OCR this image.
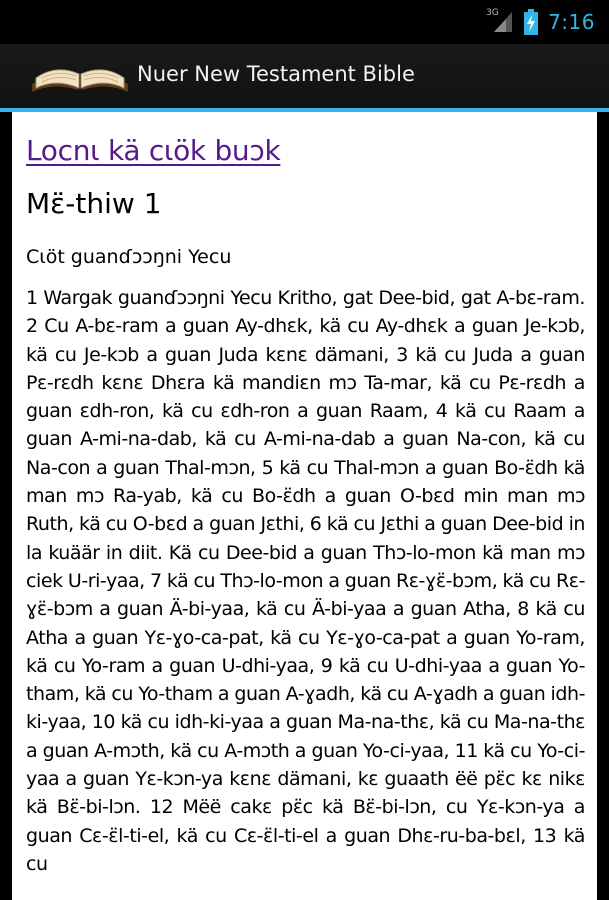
3G 7:16
Nuer New Testament Bible
Locnɩ kä cɩök buɔk
Mɛ̈-thiw 1
Cɩöt guanɗɔɔŋni Yecu

1 Wargak guanɗɔɔŋni Yecu Kritho, gat Dee-bid, gat A-bɛ-ram. 2 Cu A-bɛ-ram a guan Ay-dhɛk, kä cu Ay-dhɛk a guan Je-kɔb, kä cu Je-kɔb a guan Juda kɛnɛ dämani, 3 kä cu Juda a guan Pɛ-rɛdh kɛnɛ Dhɛra kä mandiɛn mɔ Ta-mar, kä cu Pɛ-rɛdh a guan ɛdh-ron, kä cu ɛdh-ron a guan Raam, 4 kä cu Raam a guan A-mi-na-dab, kä cu A-mi-na-dab a guan Na-con, kä cu Na-con a guan Thal-mɔn, 5 kä cu Thal-mɔn a guan Bo-ɛ̈dh kä man mɔ Ra-yab, kä cu Bo-ɛ̈dh a guan O-bɛd min man mɔ Ruth, kä cu O-bɛd a guan Jɛthi, 6 kä cu Jɛthi a guan Dee-bid in la kuäär in diit. Kä cu Dee-bid a guan Thɔ-lo-mon kä man mɔ ciek U-ri-yaa, 7 kä cu Thɔ-lo-mon a guan Rɛ-ɣɛ̈-bɔm, kä cu Rɛ-ɣɛ̈-bɔm a guan Ä-bi-yaa, kä cu Ä-bi-yaa a guan Atha, 8 kä cu Atha a guan Yɛ-ɣo-ca-pat, kä cu Yɛ-ɣo-ca-pat a guan Yo-ram, kä cu Yo-ram a guan U-dhi-yaa, 9 kä cu U-dhi-yaa a guan Yo-tham, kä cu Yo-tham a guan A-ɣadh, kä cu A-ɣadh a guan idh-ki-yaa, 10 kä cu idh-ki-yaa a guan Ma-na-thɛ, kä cu Ma-na-thɛ a guan A-mɔth, kä cu A-mɔth a guan Yo-ci-yaa, 11 kä cu Yo-ci-yaa a guan Yɛ-kɔn-ya kɛnɛ dämani, kɛ guaath ëë pɛ̈c kɛ nikɛ kä Bɛ̈-bi-lɔn. 12 Mëë cakɛ pɛ̈c kä Bɛ̈-bi-lɔn, cu Yɛ-kɔn-ya a guan Cɛ-ɛ̈l-ti-el, kä cu Cɛ-ɛ̈l-ti-el a guan Dhɛ-ru-ba-bɛl, 13 kä cu
